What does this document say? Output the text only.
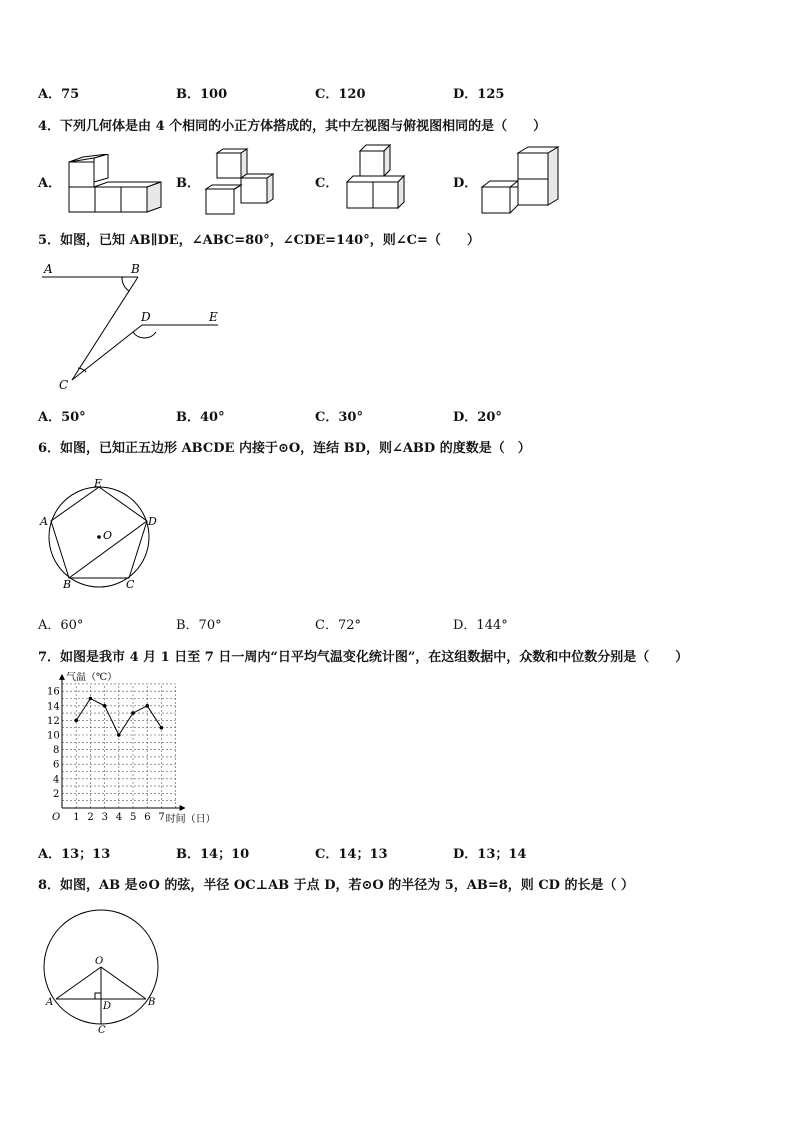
A．75	B．100	C．120	D．125
4．下列几何体是由 4 个相同的小正方体搭成的，其中左视图与俯视图相同的是（　　）
A．	B．	C．	D．
5．如图，已知 AB∥DE，∠ABC=80°，∠CDE=140°，则∠C=（　　）
A	B
D	E
C
A．50°	B．40°	C．30°	D．20°
6．如图，已知正五边形 ABCDE 内接于⊙O，连结 BD，则∠ABD 的度数是（　）
E
A	D
B	C
O
A．60°	B．70°	C．72°	D．144°
7．如图是我市 4 月 1 日至 7 日一周内“日平均气温变化统计图”，在这组数据中，众数和中位数分别是（　　）
1 2 3 4 5 6 7
2
4
6
8
10
12
14
16
气温（℃）
时间（日）
O
A．13；13	B．14；10	C．14；13	D．13；14
8．如图，AB 是⊙O 的弦，半径 OC⊥AB 于点 D，若⊙O 的半径为 5，AB=8，则 CD 的长是（ ）
O
A	B
D
C
